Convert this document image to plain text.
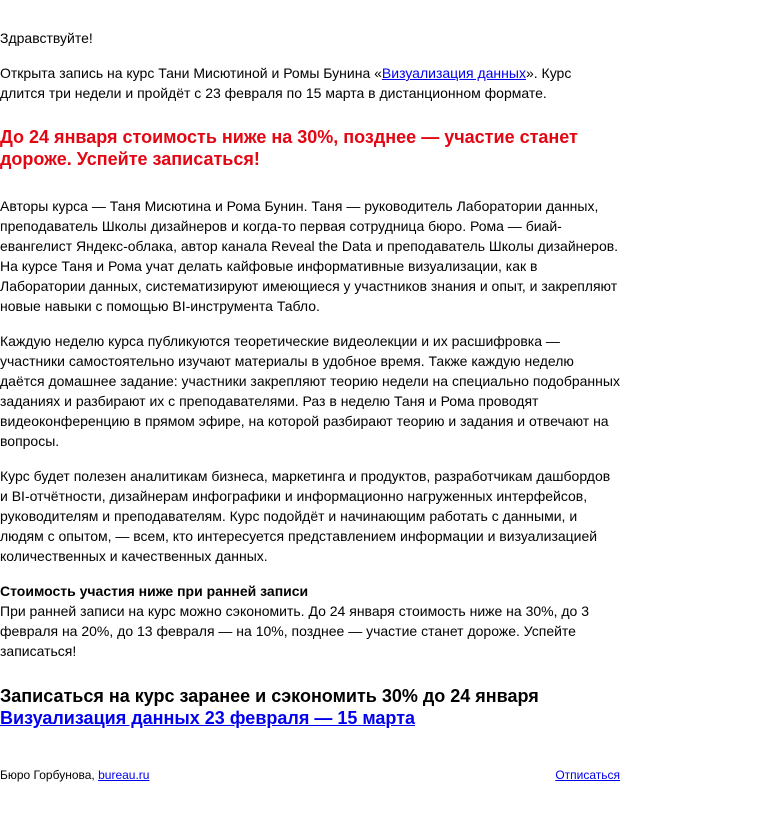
Здравствуйте!

Открыта запись на курс Тани Мисютиной и Ромы Бунина «Визуализация данных». Курс длится три недели и пройдёт с 23 февраля по 15 марта в дистанционном формате.

До 24 января стоимость ниже на 30%, позднее — участие станет дороже. Успейте записаться!

Авторы курса — Таня Мисютина и Рома Бунин. Таня — руководитель Лаборатории данных, преподаватель Школы дизайнеров и когда-то первая сотрудница бюро. Рома — биай-евангелист Яндекс-облака, автор канала Reveal the Data и преподаватель Школы дизайнеров. На курсе Таня и Рома учат делать кайфовые информативные визуализации, как в Лаборатории данных, систематизируют имеющиеся у участников знания и опыт, и закрепляют новые навыки с помощью BI-инструмента Табло.

Каждую неделю курса публикуются теоретические видеолекции и их расшифровка — участники самостоятельно изучают материалы в удобное время. Также каждую неделю даётся домашнее задание: участники закрепляют теорию недели на специально подобранных заданиях и разбирают их с преподавателями. Раз в неделю Таня и Рома проводят видеоконференцию в прямом эфире, на которой разбирают теорию и задания и отвечают на вопросы.

Курс будет полезен аналитикам бизнеса, маркетинга и продуктов, разработчикам дашбордов и BI-отчётности, дизайнерам инфографики и информационно нагруженных интерфейсов, руководителям и преподавателям. Курс подойдёт и начинающим работать с данными, и людям с опытом, — всем, кто интересуется представлением информации и визуализацией количественных и качественных данных.

Стоимость участия ниже при ранней записи

При ранней записи на курс можно сэкономить. До 24 января стоимость ниже на 30%, до 3 февраля на 20%, до 13 февраля — на 10%, позднее — участие станет дороже. Успейте записаться!

Записаться на курс заранее и сэкономить 30% до 24 января

Визуализация данных 23 февраля — 15 марта
Бюро Горбунова, bureau.ru	Отписаться
